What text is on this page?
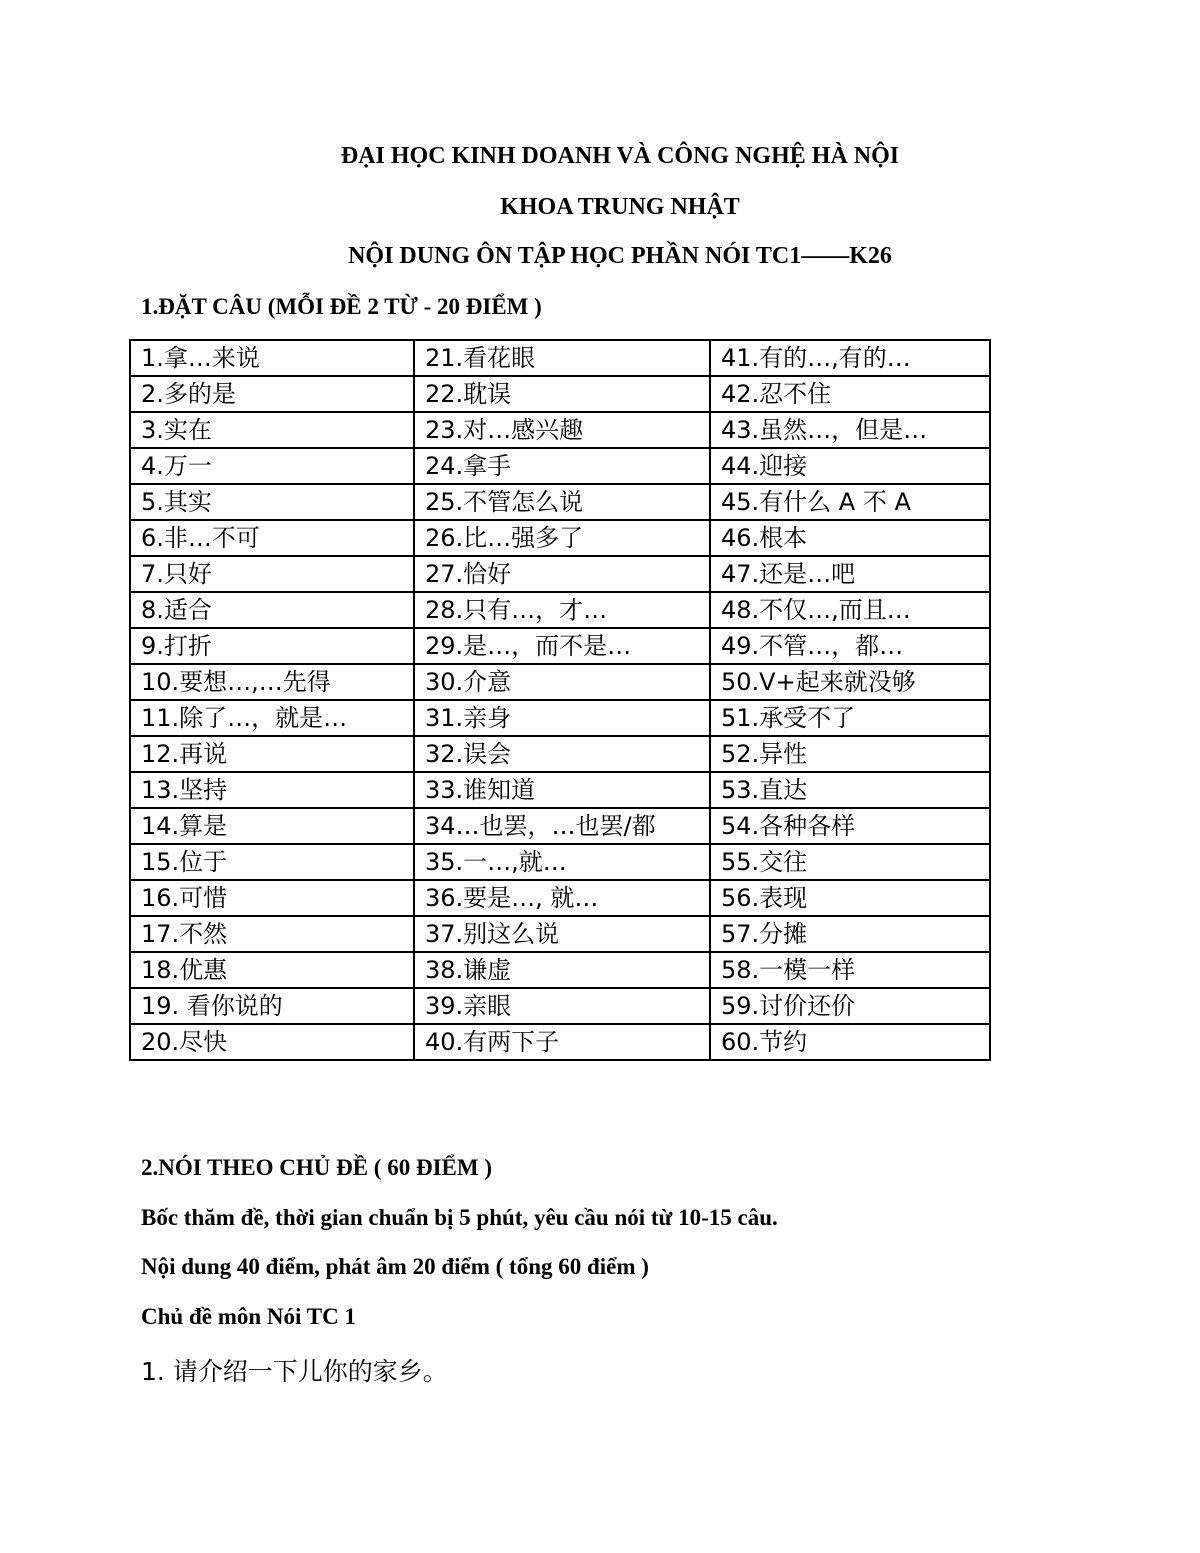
ĐẠI HỌC KINH DOANH VÀ CÔNG NGHỆ HÀ NỘI
KHOA TRUNG NHẬT
NỘI DUNG ÔN TẬP HỌC PHẦN NÓI TC1——K26
1.ĐẶT CÂU (MỖI ĐỀ 2 TỪ - 20 ĐIỂM )
1.拿…来说	21.看花眼	41.有的…,有的…
2.多的是	22.耽误	42.忍不住
3.实在	23.对…感兴趣	43.虽然…，但是…
4.万一	24.拿手	44.迎接
5.其实	25.不管怎么说	45.有什么 A 不 A
6.非…不可	26.比…强多了	46.根本
7.只好	27.恰好	47.还是…吧
8.适合	28.只有…，才…	48.不仅…,而且…
9.打折	29.是…，而不是…	49.不管…，都…
10.要想…,…先得	30.介意	50.V+起来就没够
11.除了…，就是…	31.亲身	51.承受不了
12.再说	32.误会	52.异性
13.坚持	33.谁知道	53.直达
14.算是	34…也罢，…也罢/都	54.各种各样
15.位于	35.一…,就…	55.交往
16.可惜	36.要是…, 就…	56.表现
17.不然	37.别这么说	57.分摊
18.优惠	38.谦虚	58.一模一样
19. 看你说的	39.亲眼	59.讨价还价
20.尽快	40.有两下子	60.节约
2.NÓI THEO CHỦ ĐỀ ( 60 ĐIỂM )
Bốc thăm đề, thời gian chuẩn bị 5 phút, yêu cầu nói từ 10-15 câu.
Nội dung 40 điểm, phát âm 20 điểm ( tổng 60 điểm )
Chủ đề môn Nói TC 1
1. 请介绍一下儿你的家乡。
